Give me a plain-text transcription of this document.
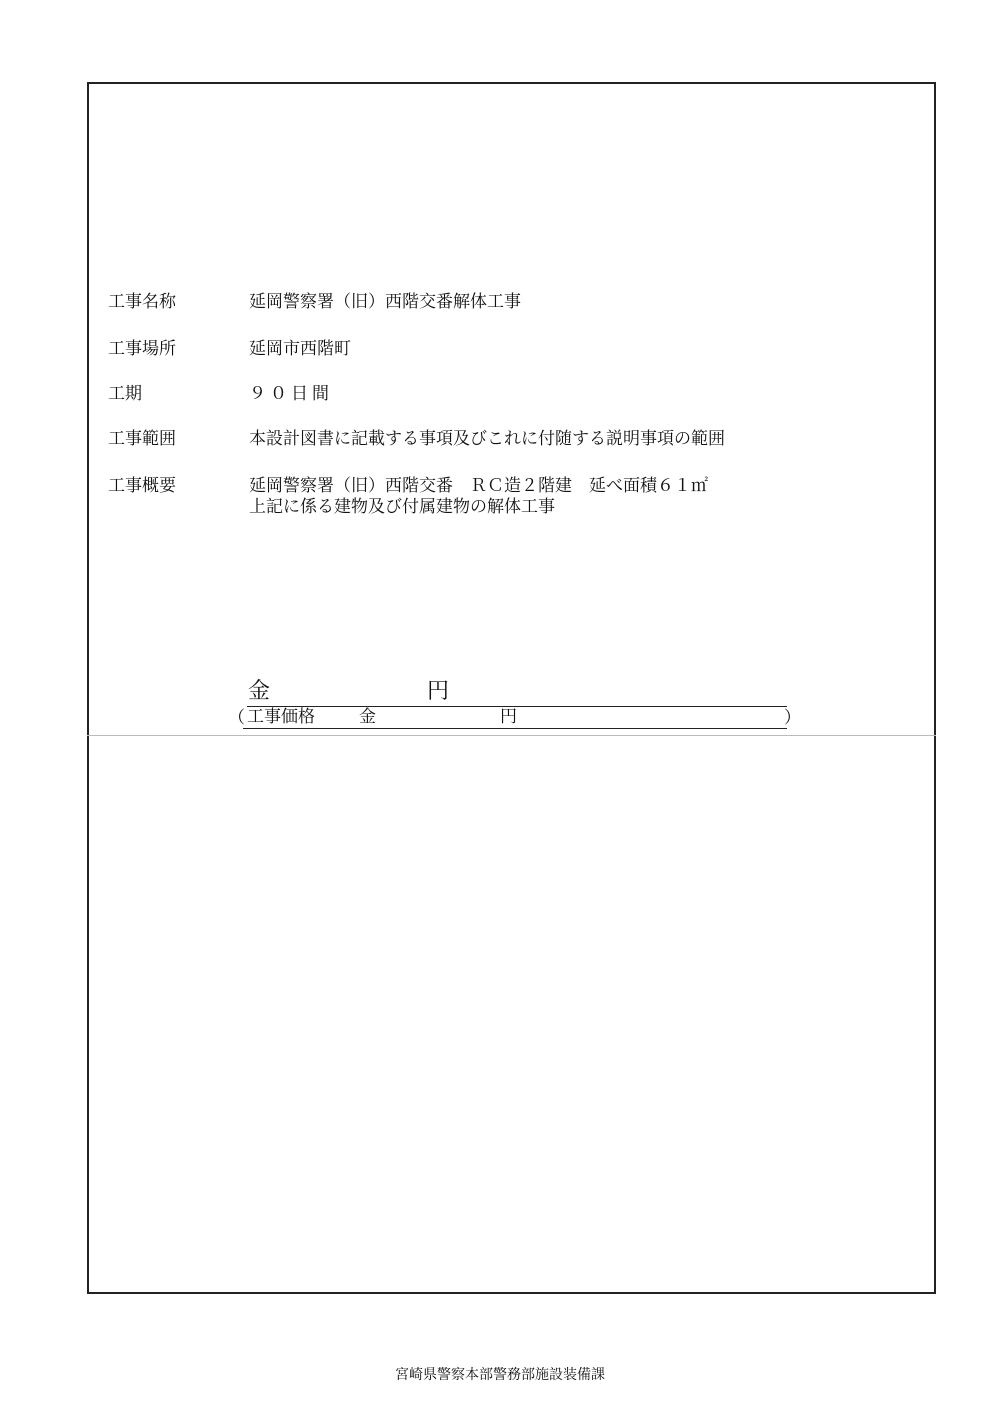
工事名称	延岡警察署（旧）西階交番解体工事
工事場所	延岡市西階町
工期	９０日間
工事範囲	本設計図書に記載する事項及びこれに付随する説明事項の範囲
工事概要	延岡警察署（旧）西階交番　ＲＣ造２階建　延べ面積６１㎡
上記に係る建物及び付属建物の解体工事
金	円
（ 工事価格	金	円	）
宮崎県警察本部警務部施設装備課
